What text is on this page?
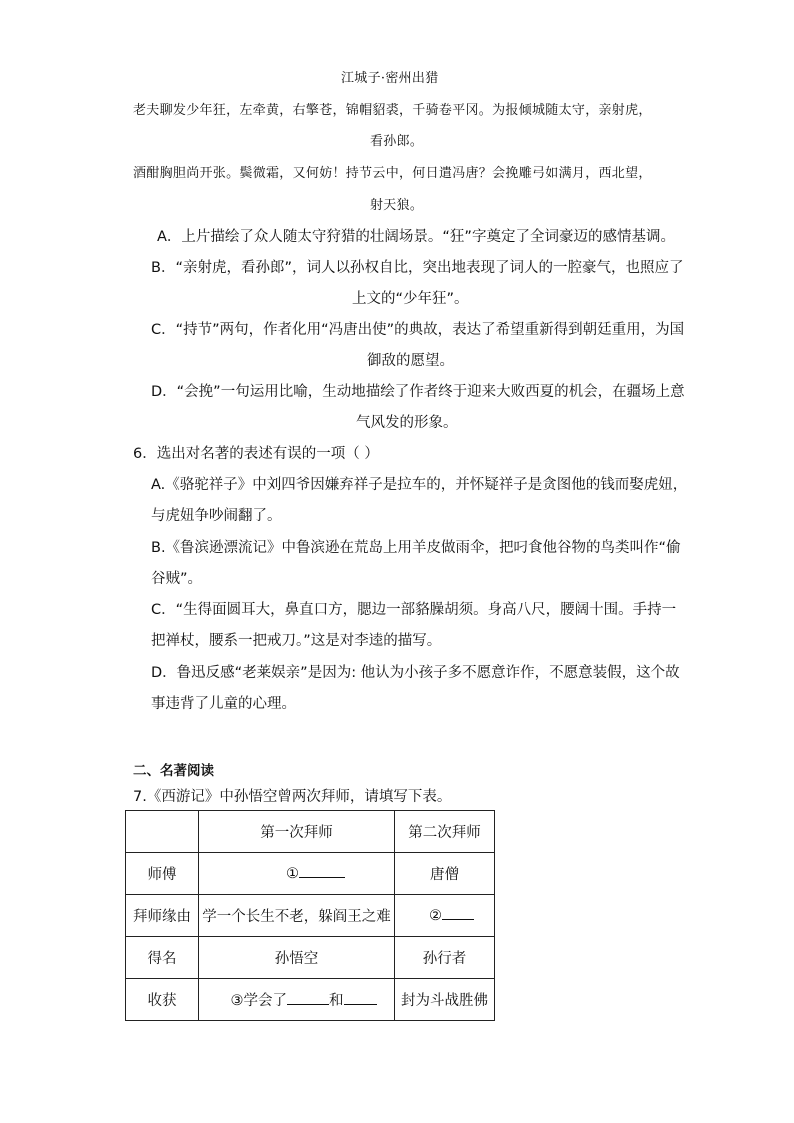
江城子·密州出猎
老夫聊发少年狂，左牵黄，右擎苍，锦帽貂裘，千骑卷平冈。为报倾城随太守，亲射虎，
看孙郎。
酒酣胸胆尚开张。鬓微霜，又何妨！持节云中，何日遣冯唐？会挽雕弓如满月，西北望，
射天狼。
A．上片描绘了众人随太守狩猎的壮阔场景。“狂”字奠定了全词豪迈的感情基调。
B．“亲射虎，看孙郎”，词人以孙权自比，突出地表现了词人的一腔豪气，也照应了
上文的“少年狂”。
C．“持节”两句，作者化用“冯唐出使”的典故，表达了希望重新得到朝廷重用，为国
御敌的愿望。
D．“会挽”一句运用比喻，生动地描绘了作者终于迎来大败西夏的机会，在疆场上意
气风发的形象。
6．选出对名著的表述有误的一项（ ）
A.《骆驼祥子》中刘四爷因嫌弃祥子是拉车的，并怀疑祥子是贪图他的钱而娶虎妞，
与虎妞争吵闹翻了。
B.《鲁滨逊漂流记》中鲁滨逊在荒岛上用羊皮做雨伞，把叼食他谷物的鸟类叫作“偷
谷贼”。
C．“生得面圆耳大，鼻直口方，腮边一部貉臊胡须。身高八尺，腰阔十围。手持一
把禅杖，腰系一把戒刀。”这是对李逵的描写。
D．鲁迅反感“老莱娱亲”是因为: 他认为小孩子多不愿意诈作，不愿意装假，这个故
事违背了儿童的心理。
二、名著阅读
7.《西游记》中孙悟空曾两次拜师，请填写下表。
	第一次拜师	第二次拜师
师傅	①	唐僧
拜师缘由	学一个长生不老，躲阎王之难	②
得名	孙悟空	孙行者
收获	③学会了 和	封为斗战胜佛
